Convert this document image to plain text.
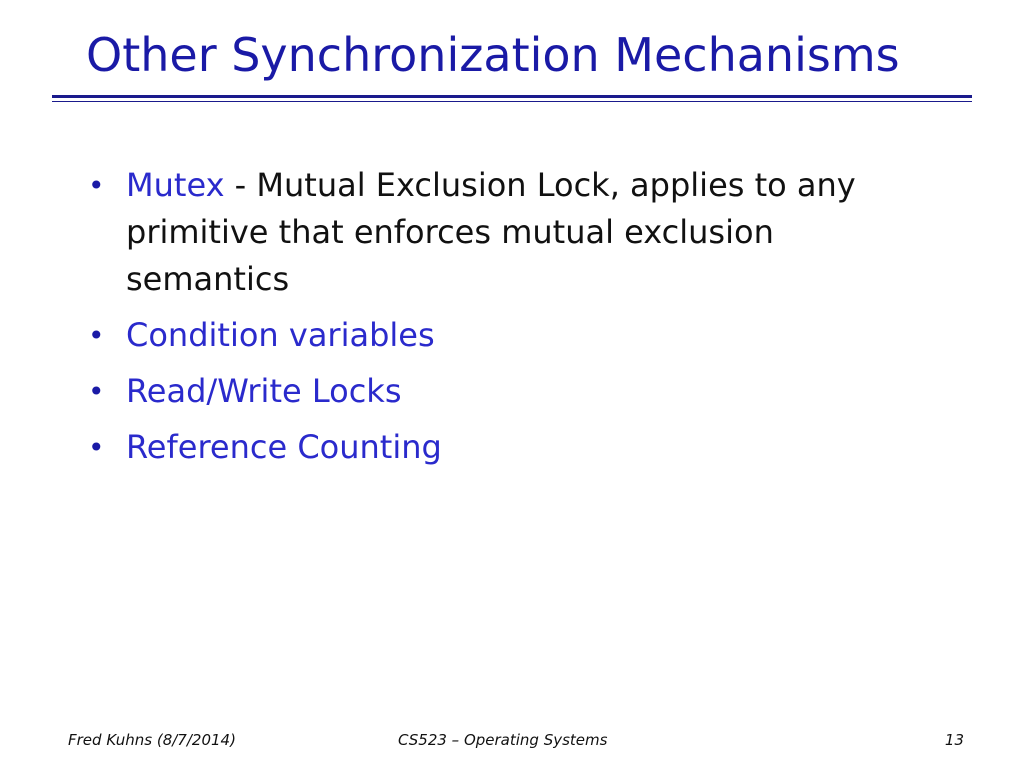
Other Synchronization Mechanisms
• Mutex - Mutual Exclusion Lock, applies to any primitive that enforces mutual exclusion semantics
• Condition variables
• Read/Write Locks
• Reference Counting
Fred Kuhns (8/7/2014)	CS523 – Operating Systems	13
